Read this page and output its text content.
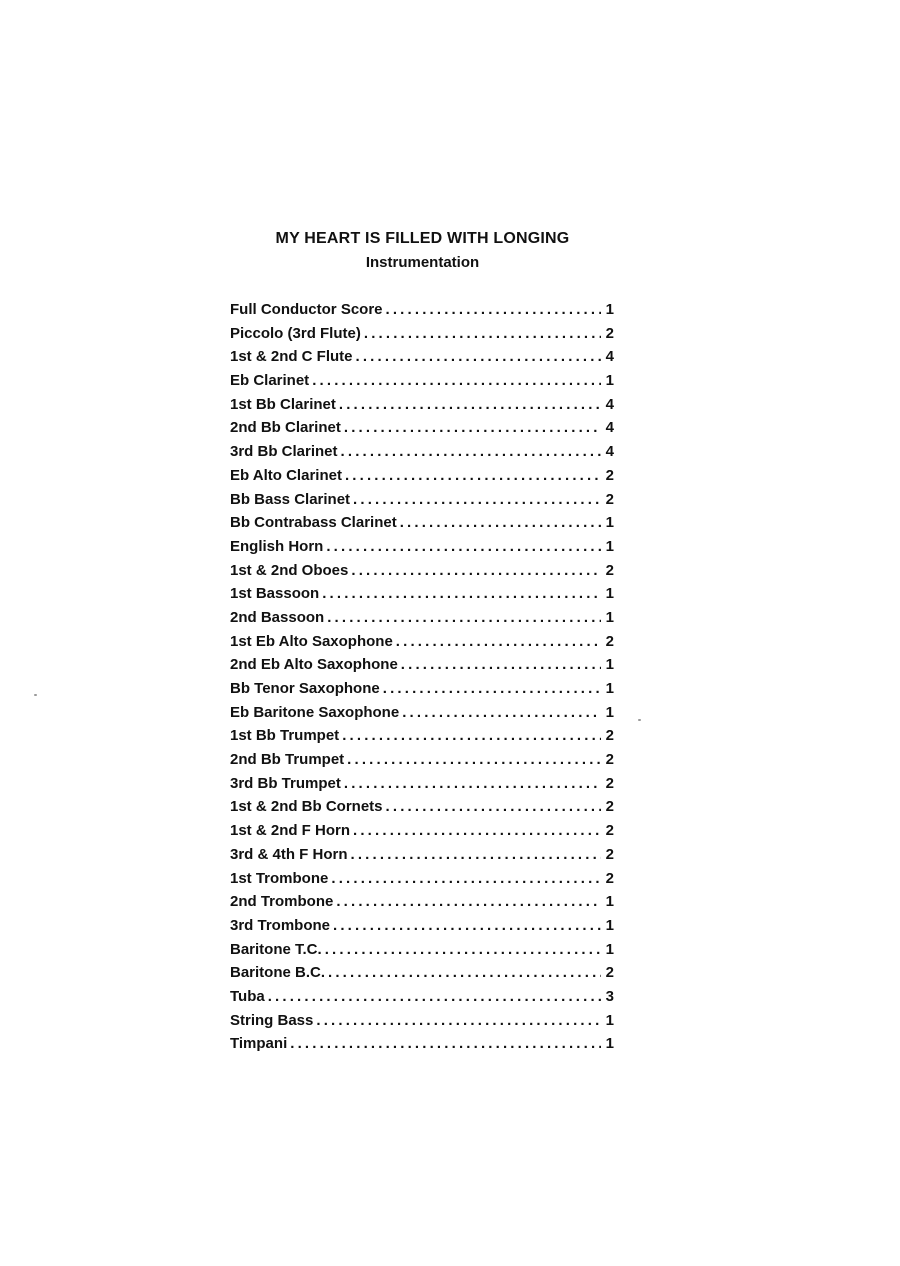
MY HEART IS FILLED WITH LONGING
Instrumentation
Full Conductor Score . . .	1
Piccolo (3rd Flute) . . .	2
1st & 2nd C Flute . . .	4
Eb Clarinet . . .	1
1st Bb Clarinet . . .	4
2nd Bb Clarinet . . .	4
3rd Bb Clarinet . . .	4
Eb Alto Clarinet . . .	2
Bb Bass Clarinet . . .	2
Bb Contrabass Clarinet . . .	1
English Horn . . .	1
1st & 2nd Oboes . . .	2
1st Bassoon . . .	1
2nd Bassoon . . .	1
1st Eb Alto Saxophone . . .	2
2nd Eb Alto Saxophone . . .	1
Bb Tenor Saxophone . . .	1
Eb Baritone Saxophone . . .	1
1st Bb Trumpet . . .	2
2nd Bb Trumpet . . .	2
3rd Bb Trumpet . . .	2
1st & 2nd Bb Cornets . . .	2
1st & 2nd F Horn . . .	2
3rd & 4th F Horn . . .	2
1st Trombone . . .	2
2nd Trombone . . .	1
3rd Trombone . . .	1
Baritone T.C. . . .	1
Baritone B.C. . . .	2
Tuba . . .	3
String Bass . . .	1
Timpani . . .	1
